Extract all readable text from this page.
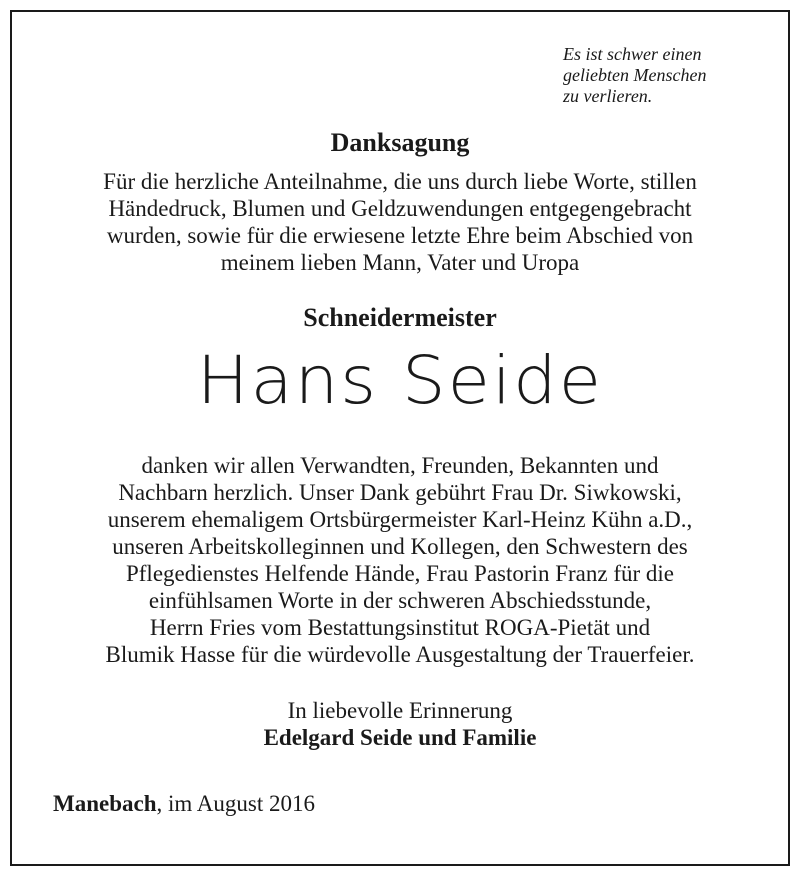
Es ist schwer einen
geliebten Menschen
zu verlieren.
Danksagung
Für die herzliche Anteilnahme, die uns durch liebe Worte, stillen
Händedruck, Blumen und Geldzuwendungen entgegengebracht
wurden, sowie für die erwiesene letzte Ehre beim Abschied von
meinem lieben Mann, Vater und Uropa
Schneidermeister
Hans Seide
danken wir allen Verwandten, Freunden, Bekannten und
Nachbarn herzlich. Unser Dank gebührt Frau Dr. Siwkowski,
unserem ehemaligem Ortsbürgermeister Karl-Heinz Kühn a.D.,
unseren Arbeitskolleginnen und Kollegen, den Schwestern des
Pflegedienstes Helfende Hände, Frau Pastorin Franz für die
einfühlsamen Worte in der schweren Abschiedsstunde,
Herrn Fries vom Bestattungsinstitut ROGA-Pietät und
Blumik Hasse für die würdevolle Ausgestaltung der Trauerfeier.
In liebevolle Erinnerung
Edelgard Seide und Familie
Manebach, im August 2016
